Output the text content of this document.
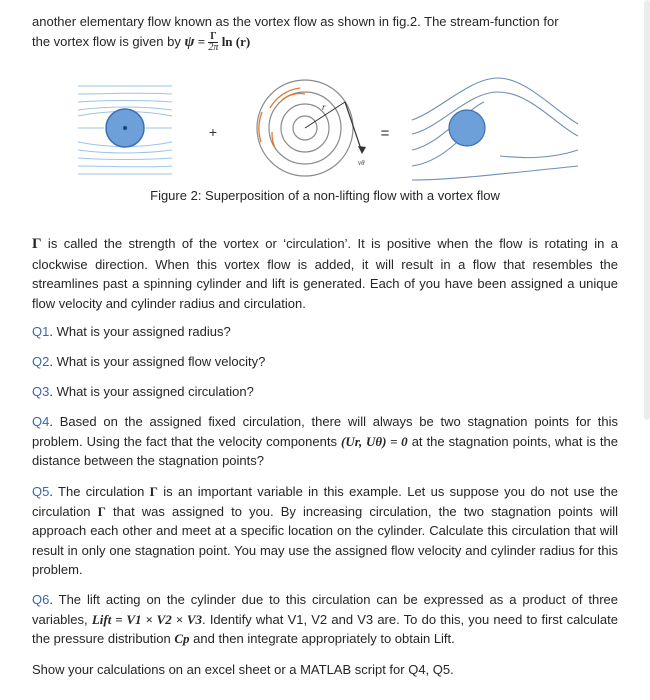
another elementary flow known as the vortex flow as shown in fig.2. The stream-function for
the vortex flow is given by $\psi = \frac{\Gamma}{2\pi}$ ln (r)
+
r
vθ
=
Figure 2: Superposition of a non-lifting flow with a vortex flow
Γ is called the strength of the vortex or ‘circulation’. It is positive when the flow is rotating in a clockwise direction. When this vortex flow is added, it will result in a flow that resembles the streamlines past a spinning cylinder and lift is generated. Each of you have been assigned a unique flow velocity and cylinder radius and circulation.
Q1. What is your assigned radius?
Q2. What is your assigned flow velocity?
Q3. What is your assigned circulation?
Q4. Based on the assigned fixed circulation, there will always be two stagnation points for this problem. Using the fact that the velocity components (Ur, Uθ) = 0 at the stagnation points, what is the distance between the stagnation points?
Q5. The circulation Γ is an important variable in this example. Let us suppose you do not use the circulation Γ that was assigned to you. By increasing circulation, the two stagnation points will approach each other and meet at a specific location on the cylinder. Calculate this circulation that will result in only one stagnation point. You may use the assigned flow velocity and cylinder radius for this problem.
Q6. The lift acting on the cylinder due to this circulation can be expressed as a product of three variables, Lift = V1 × V2 × V3. Identify what V1, V2 and V3 are. To do this, you need to first calculate the pressure distribution Cp and then integrate appropriately to obtain Lift.
Show your calculations on an excel sheet or a MATLAB script for Q4, Q5.
